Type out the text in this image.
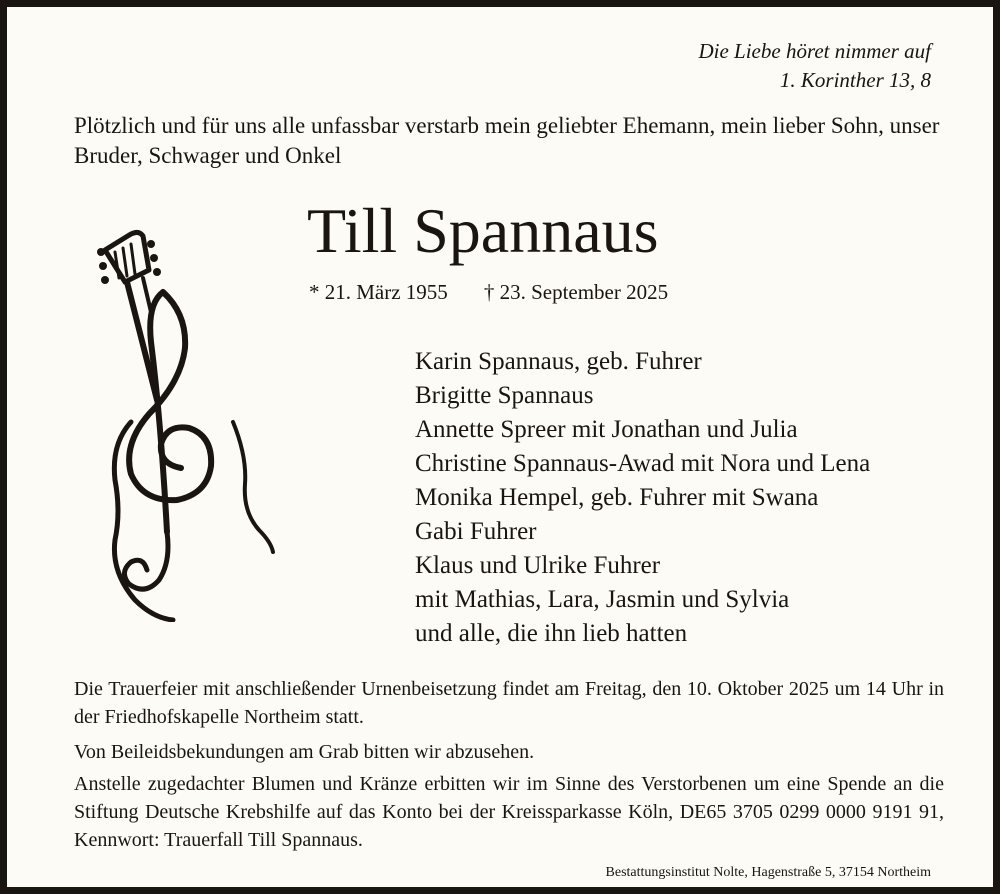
Die Liebe höret nimmer auf
1. Korinther 13, 8
Plötzlich und für uns alle unfassbar verstarb mein geliebter Ehemann, mein lieber Sohn, unser Bruder, Schwager und Onkel
Till Spannaus
* 21. März 1955 † 23. September 2025
Karin Spannaus, geb. Fuhrer
Brigitte Spannaus
Annette Spreer mit Jonathan und Julia
Christine Spannaus-Awad mit Nora und Lena
Monika Hempel, geb. Fuhrer mit Swana
Gabi Fuhrer
Klaus und Ulrike Fuhrer
mit Mathias, Lara, Jasmin und Sylvia
und alle, die ihn lieb hatten
Die Trauerfeier mit anschließender Urnenbeisetzung findet am Freitag, den 10. Oktober 2025 um 14 Uhr in der Friedhofskapelle Northeim statt.
Von Beileidsbekundungen am Grab bitten wir abzusehen.
Anstelle zugedachter Blumen und Kränze erbitten wir im Sinne des Verstorbenen um eine Spende an die Stiftung Deutsche Krebshilfe auf das Konto bei der Kreissparkasse Köln, DE65 3705 0299 0000 9191 91, Kennwort: Trauerfall Till Spannaus.
Bestattungsinstitut Nolte, Hagenstraße 5, 37154 Northeim
